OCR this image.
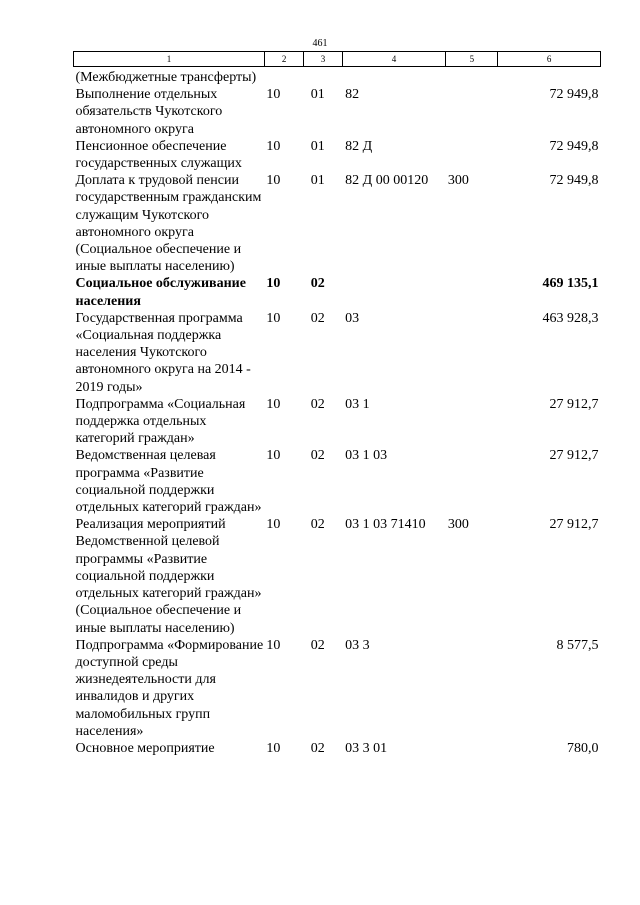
461
1	2	3	4	5	6
(Межбюджетные трансферты)					
Выполнение отдельных обязательств Чукотского автономного округа	10	01	82		72 949,8
Пенсионное обеспечение государственных служащих	10	01	82 Д		72 949,8
Доплата к трудовой пенсии государственным гражданским служащим Чукотского автономного округа (Социальное обеспечение и иные выплаты населению)	10	01	82 Д 00 00120	300	72 949,8
Социальное обслуживание населения	10	02			469 135,1
Государственная программа «Социальная поддержка населения Чукотского автономного округа на 2014 - 2019 годы»	10	02	03		463 928,3
Подпрограмма «Социальная поддержка отдельных категорий граждан»	10	02	03 1		27 912,7
Ведомственная целевая программа «Развитие социальной поддержки отдельных категорий граждан»	10	02	03 1 03		27 912,7
Реализация мероприятий Ведомственной целевой программы «Развитие социальной поддержки отдельных категорий граждан» (Социальное обеспечение и иные выплаты населению)	10	02	03 1 03 71410	300	27 912,7
Подпрограмма «Формирование доступной среды жизнедеятельности для инвалидов и других маломобильных групп населения»	10	02	03 3		8 577,5
Основное мероприятие	10	02	03 3 01		780,0
